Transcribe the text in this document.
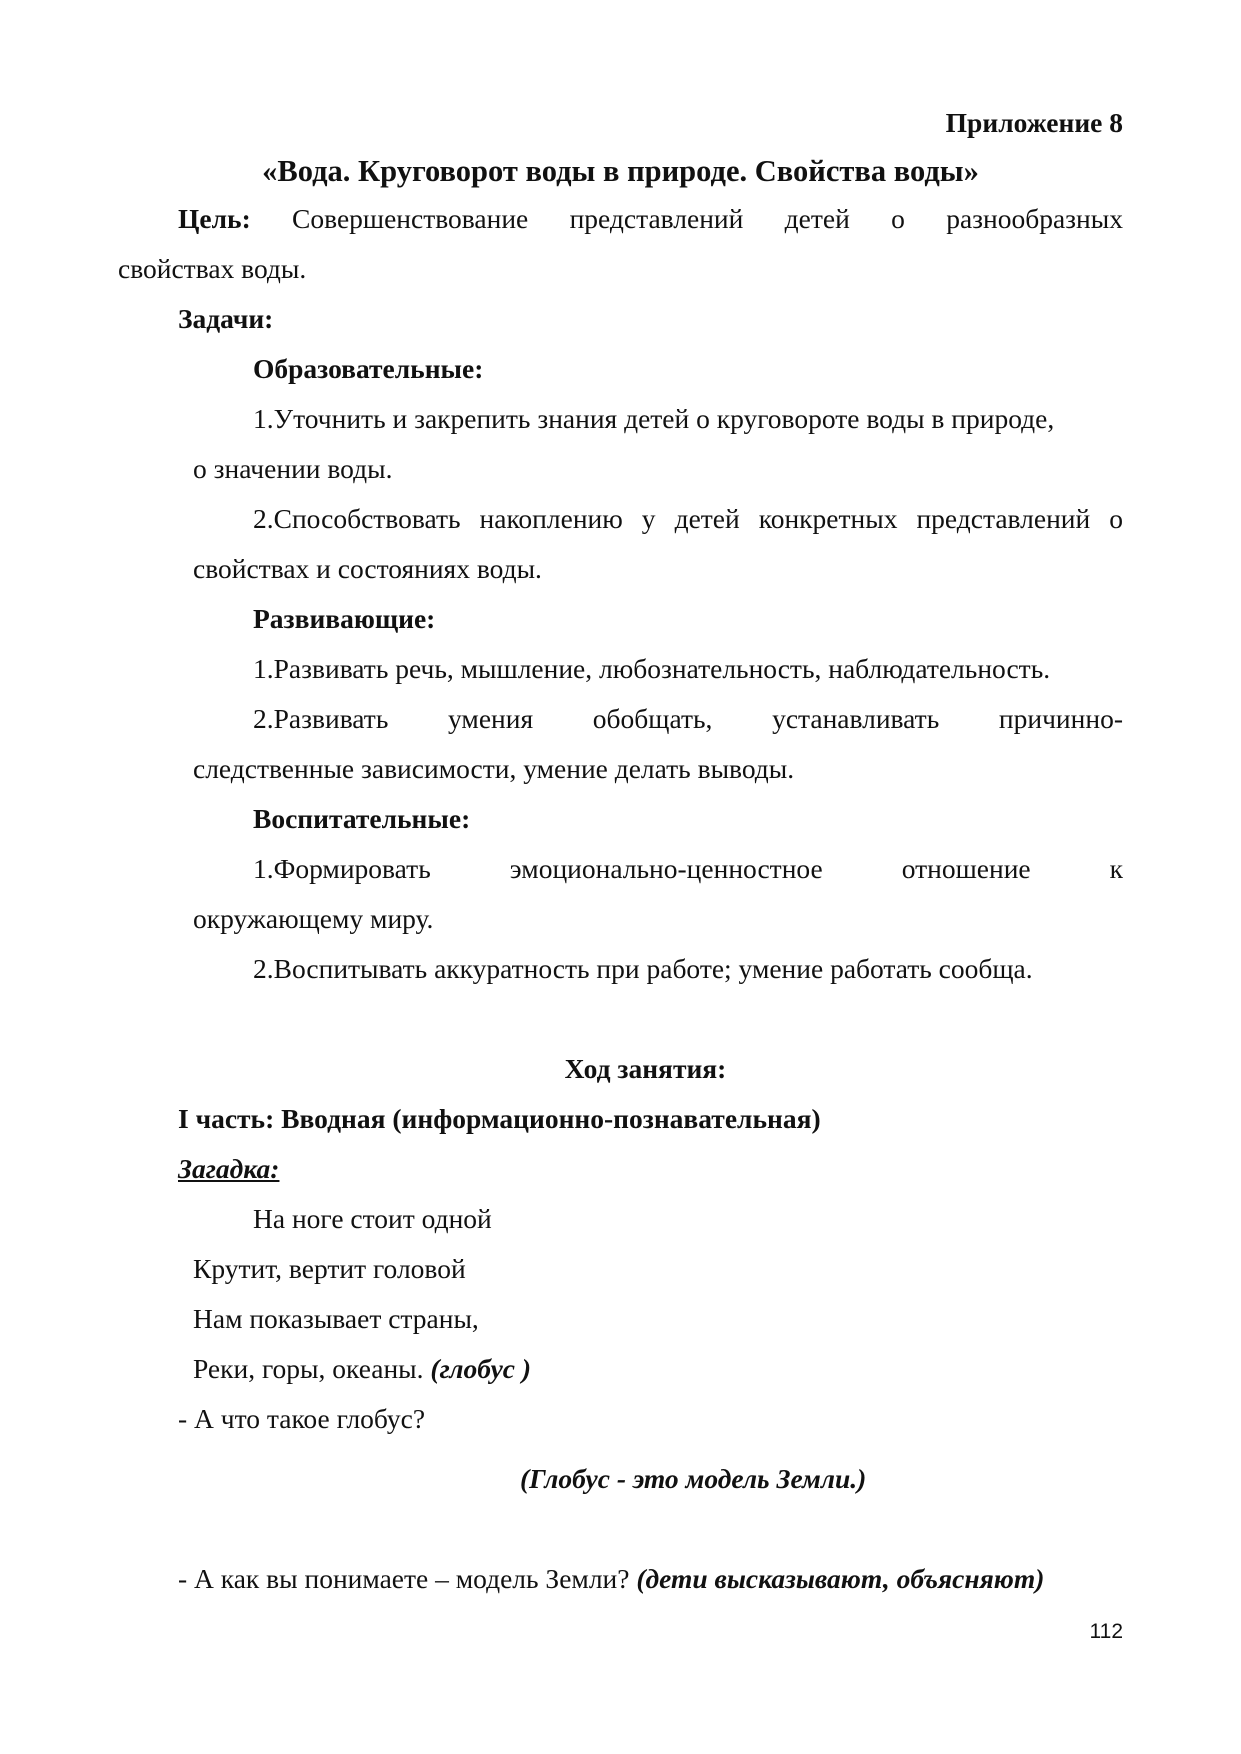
Приложение 8
«Вода. Круговорот воды в природе. Свойства воды»
Цель: Совершенствование представлений детей о разнообразных
свойствах воды.
Задачи:
Образовательные:
1.Уточнить и закрепить знания детей о круговороте воды в природе,
о значении воды.
2.Способствовать накоплению у детей конкретных представлений о
свойствах и состояниях воды.
Развивающие:
1.Развивать речь, мышление, любознательность, наблюдательность.
2.Развивать умения обобщать, устанавливать причинно-
следственные зависимости, умение делать выводы.
Воспитательные:
1.Формировать	эмоционально-ценностное	отношение	к
окружающему миру.
2.Воспитывать аккуратность при работе; умение работать сообща.
Ход занятия:
I часть: Вводная (информационно-познавательная)
Загадка:
На ноге стоит одной
Крутит, вертит головой
Нам показывает страны,
Реки, горы, океаны. (глобус )
- А что такое глобус?
(Глобус - это модель Земли.)
- А как вы понимаете – модель Земли? (дети высказывают, объясняют)
112
